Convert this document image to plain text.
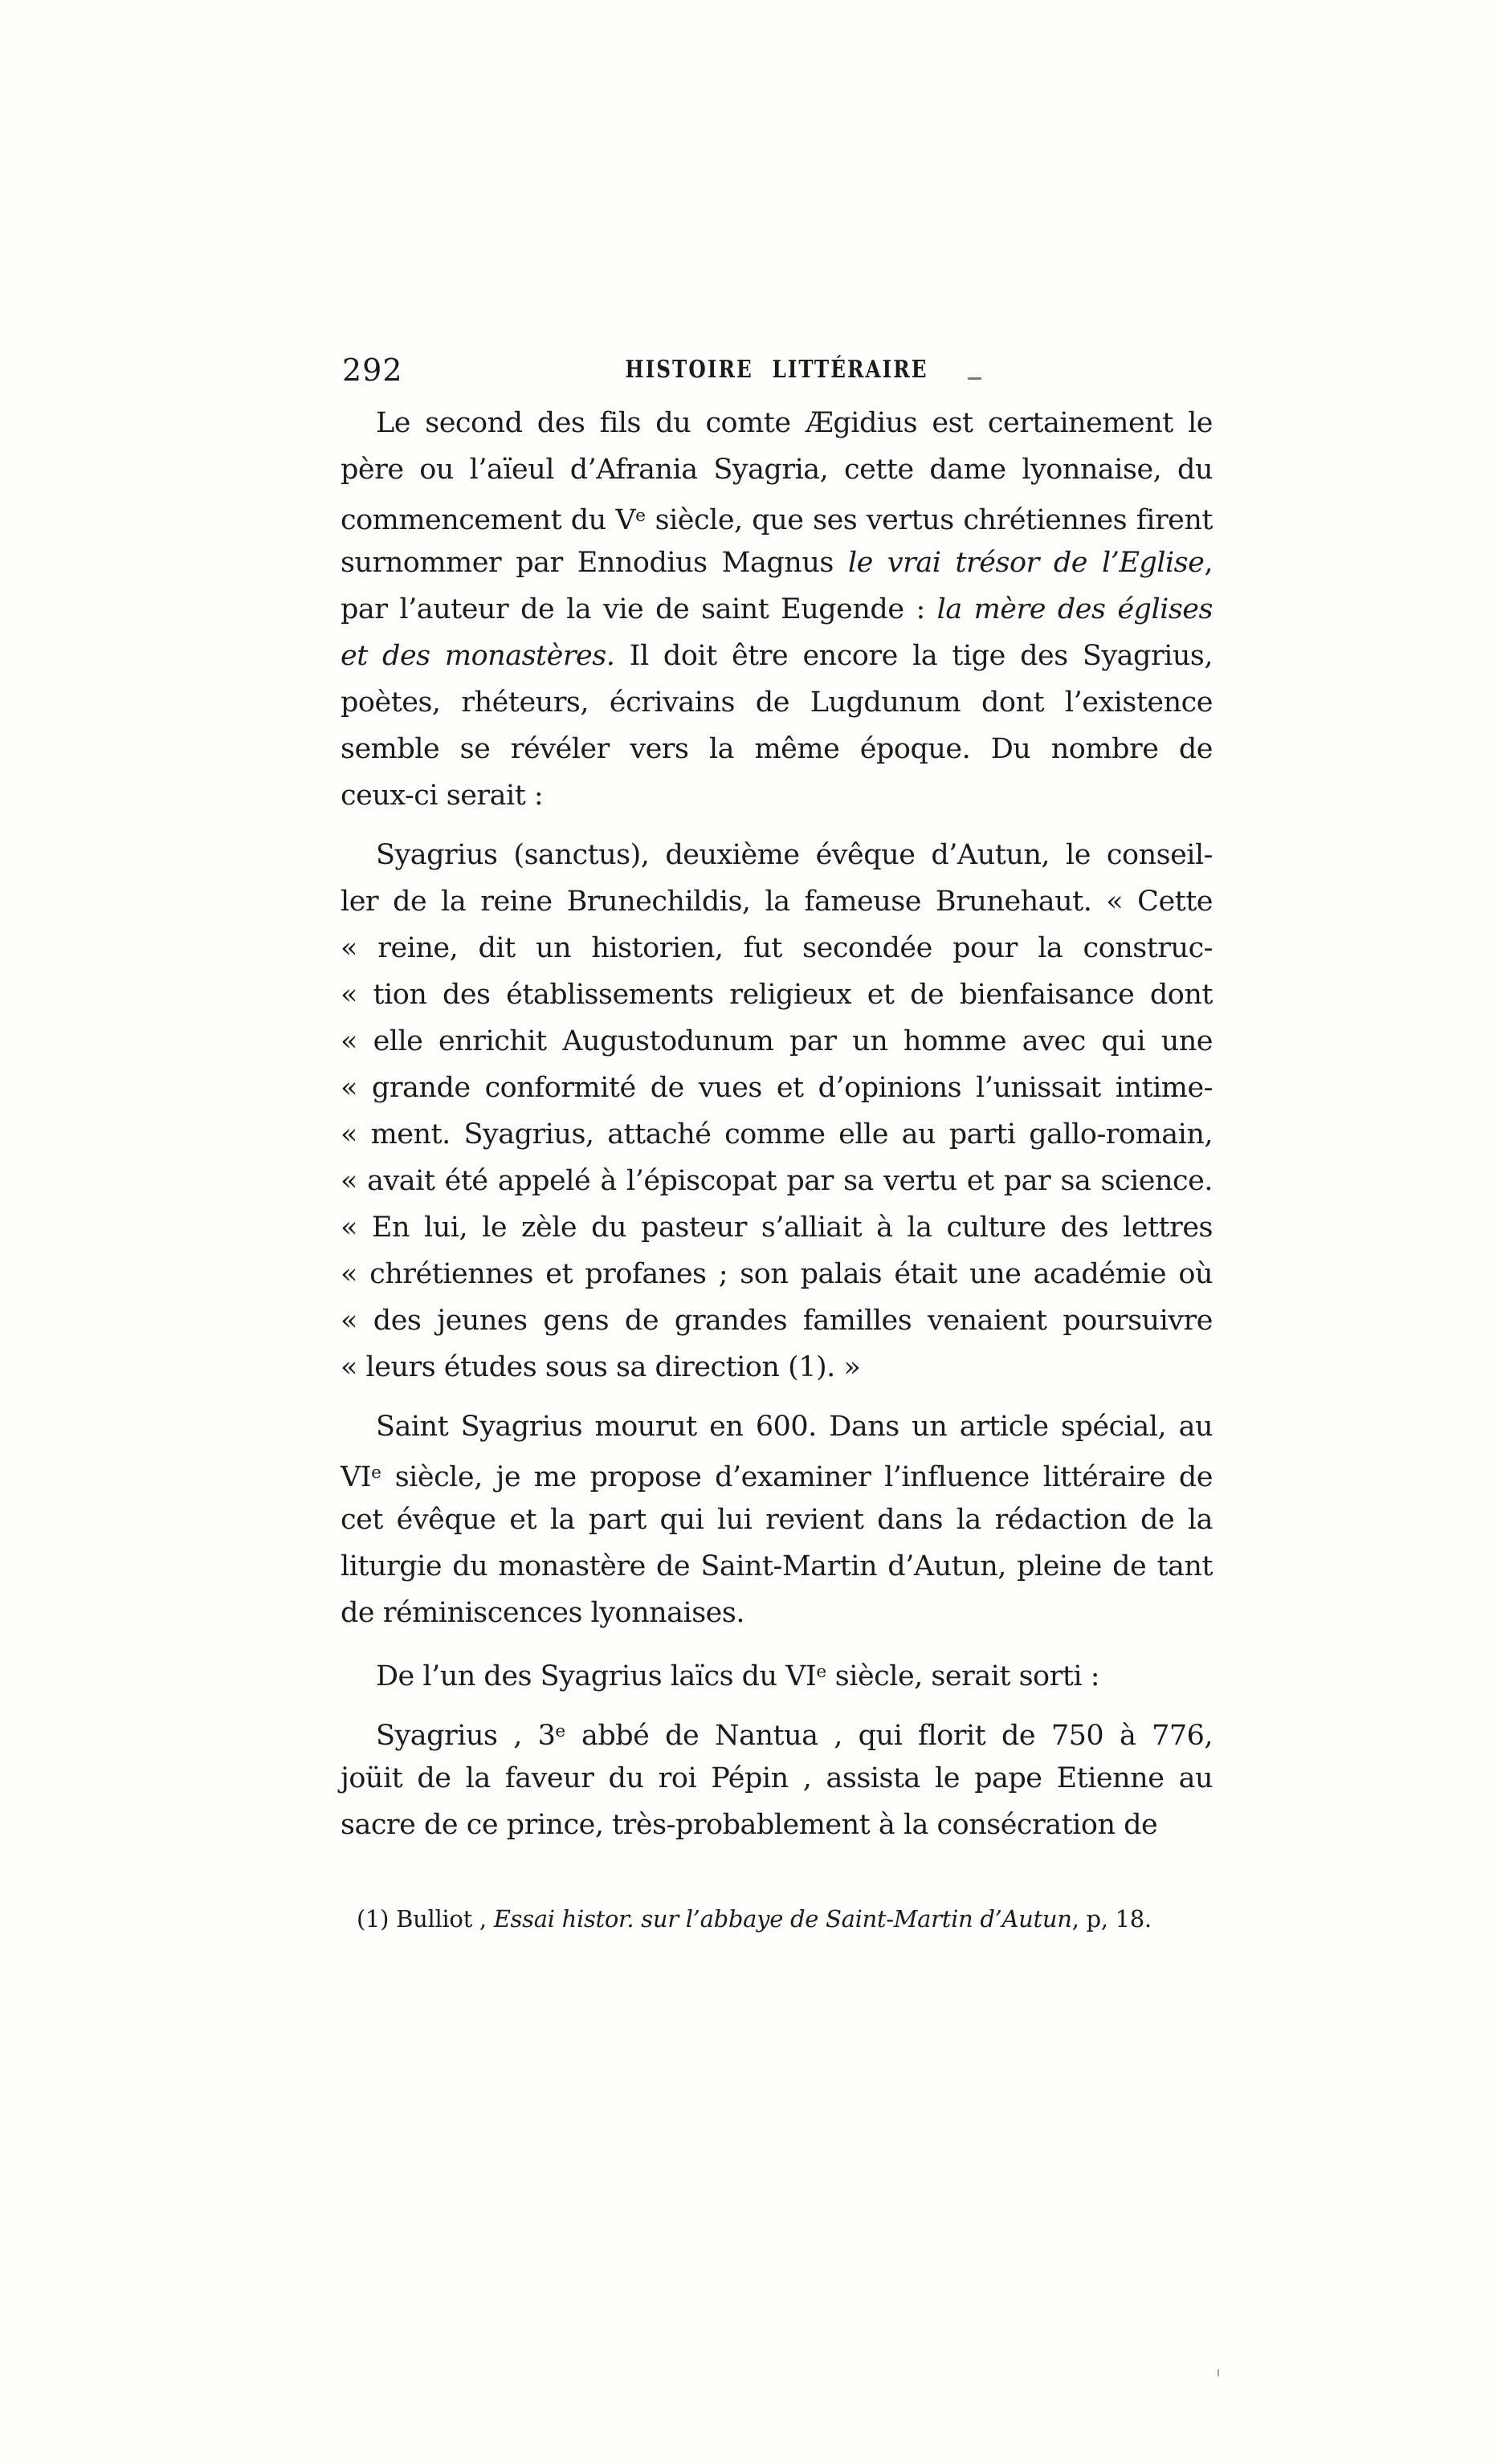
292	HISTOIRE LITTÉRAIRE
Le second des fils du comte Ægidius est certainement le
père ou l’aïeul d’Afrania Syagria, cette dame lyonnaise, du
commencement du Ve siècle, que ses vertus chrétiennes firent
surnommer par Ennodius Magnus le vrai trésor de l’Eglise,
par l’auteur de la vie de saint Eugende : la mère des églises
et des monastères. Il doit être encore la tige des Syagrius,
poètes, rhéteurs, écrivains de Lugdunum dont l’existence
semble se révéler vers la même époque. Du nombre de
ceux-ci serait :
Syagrius (sanctus), deuxième évêque d’Autun, le conseil-
ler de la reine Brunechildis, la fameuse Brunehaut. « Cette
« reine, dit un historien, fut secondée pour la construc-
« tion des établissements religieux et de bienfaisance dont
« elle enrichit Augustodunum par un homme avec qui une
« grande conformité de vues et d’opinions l’unissait intime-
« ment. Syagrius, attaché comme elle au parti gallo-romain,
« avait été appelé à l’épiscopat par sa vertu et par sa science.
« En lui, le zèle du pasteur s’alliait à la culture des lettres
« chrétiennes et profanes ; son palais était une académie où
« des jeunes gens de grandes familles venaient poursuivre
« leurs études sous sa direction (1). »
Saint Syagrius mourut en 600. Dans un article spécial, au
VIe siècle, je me propose d’examiner l’influence littéraire de
cet évêque et la part qui lui revient dans la rédaction de la
liturgie du monastère de Saint-Martin d’Autun, pleine de tant
de réminiscences lyonnaises.
De l’un des Syagrius laïcs du VIe siècle, serait sorti :
Syagrius , 3e abbé de Nantua , qui florit de 750 à 776,
joüit de la faveur du roi Pépin , assista le pape Etienne au
sacre de ce prince, très-probablement à la consécration de
(1) Bulliot , Essai histor. sur l’abbaye de Saint-Martin d’Autun, p, 18.
